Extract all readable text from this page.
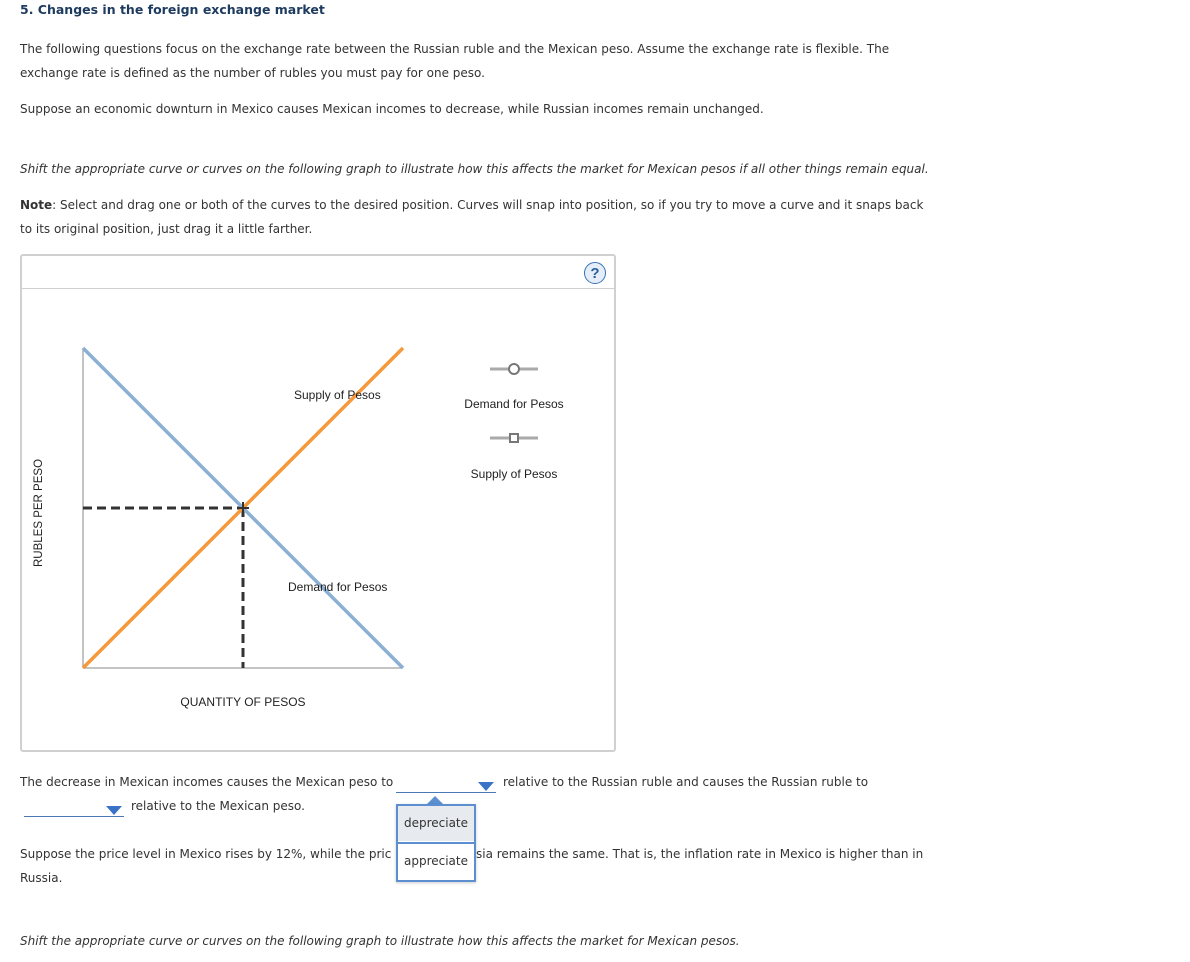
5. Changes in the foreign exchange market
The following questions focus on the exchange rate between the Russian ruble and the Mexican peso. Assume the exchange rate is flexible. The
exchange rate is defined as the number of rubles you must pay for one peso.
Suppose an economic downturn in Mexico causes Mexican incomes to decrease, while Russian incomes remain unchanged.
Shift the appropriate curve or curves on the following graph to illustrate how this affects the market for Mexican pesos if all other things remain equal.
Note: Select and drag one or both of the curves to the desired position. Curves will snap into position, so if you try to move a curve and it snaps back
to its original position, just drag it a little farther.
?
Supply of Pesos
Demand for Pesos
RUBLES PER PESO
QUANTITY OF PESOS
Demand for Pesos
Supply of Pesos
The decrease in Mexican incomes causes the Mexican peso to	relative to the Russian ruble and causes the Russian ruble to
relative to the Mexican peso.
Suppose the price level in Mexico rises by 12%, while the pric	sia remains the same. That is, the inflation rate in Mexico is higher than in
Russia.
depreciate
appreciate
Shift the appropriate curve or curves on the following graph to illustrate how this affects the market for Mexican pesos.
